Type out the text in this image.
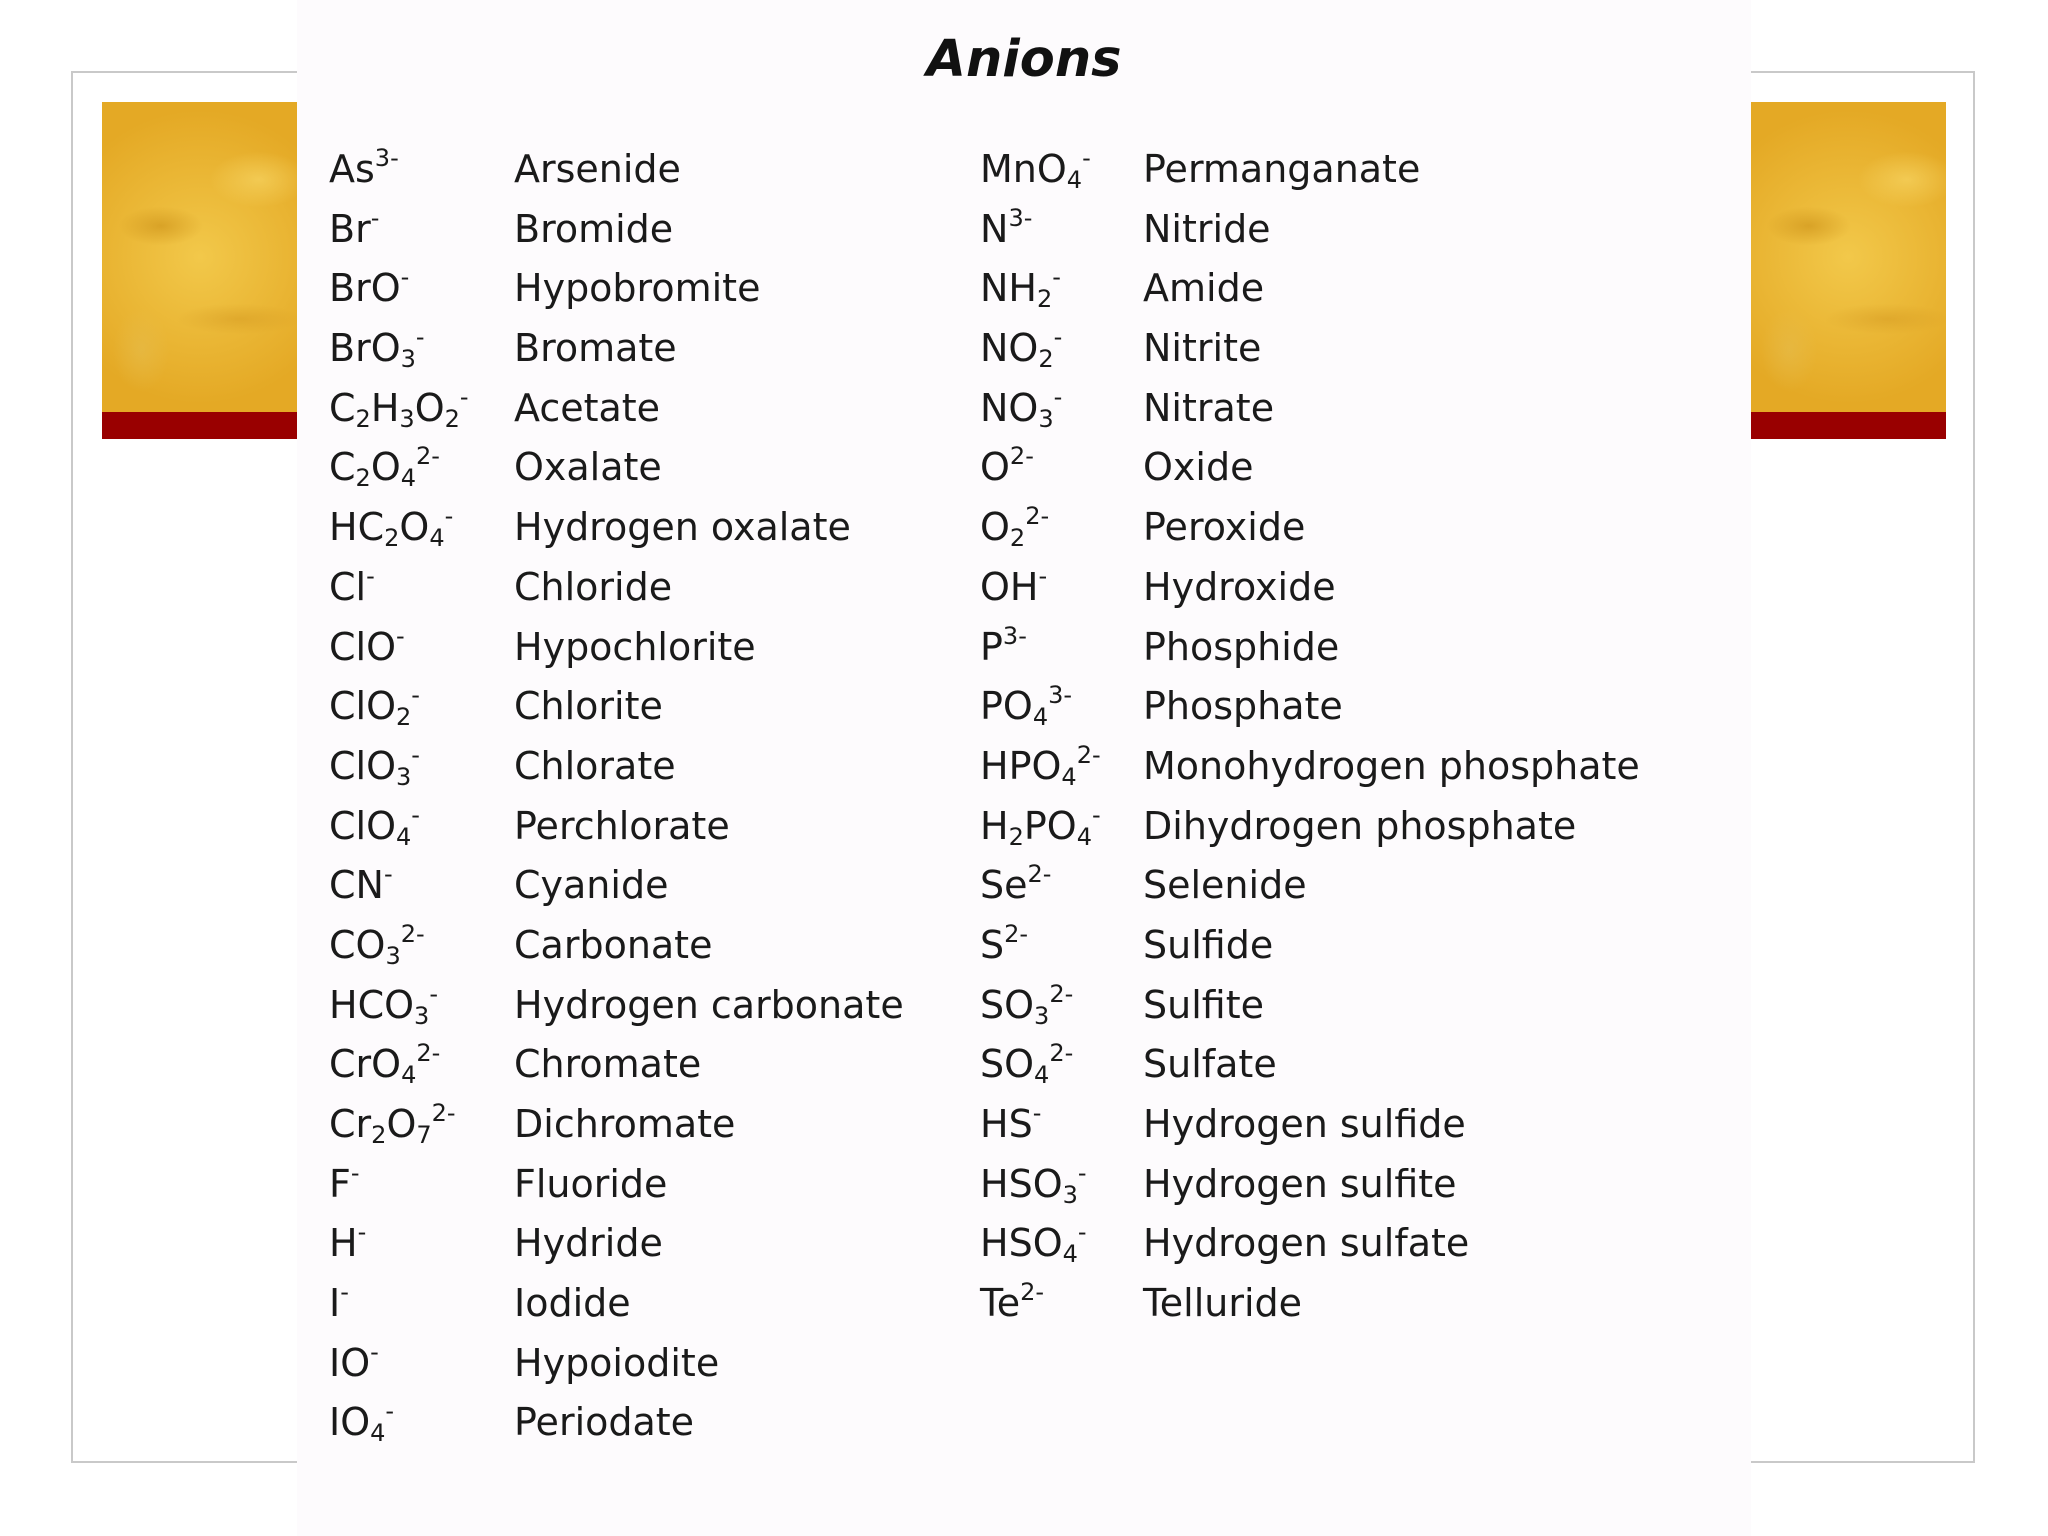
Anions
$As^{3-}$	Arsenide
Br-	Bromide
BrO-	Hypobromite
BrO$_3$- Bromate
$C_2H_3O_2^-$ Acetate
$C_2O_4^{2-}$ Oxalate
$HC_2O_4^-$ Hydrogen oxalate
Cl-	Chloride
ClO-	Hypochlorite
ClO$_2$- Chlorite
ClO$_3$- Chlorate
ClO$_4$- Perchlorate
CN-	Cyanide
$CO_3^{2-}$ Carbonate
$HCO_3^-$ Hydrogen carbonate
CrO$_4^{2-}$ Chromate
$Cr_2O_7^{2-}$ Dichromate
F-	Fluoride
H-	Hydride
I-	Iodide
IO-	Hypoiodite
$IO_4^-$	Periodate
MnO$_4$- Permanganate
$N^{3-}$	Nitride
$NH_2^-$ Amide
$NO_2^-$ Nitrite
$NO_3^-$ Nitrate
$O^{2-}$	Oxide
$O_2^{2-}$ Peroxide
OH-	Hydroxide
$P^{3-}$	Phosphide
$PO_4^{3-}$ Phosphate
$HPO_4^{2-}$ Monohydrogen phosphate
$H_2PO_4^-$ Dihydrogen phosphate
$Se^{2-}$ Selenide
$S^{2-}$	Sulfide
$SO_3^{2-}$ Sulfite
$SO_4^{2-}$ Sulfate
HS-	Hydrogen sulfide
$HSO_3^-$ Hydrogen sulfite
$HSO_4^-$ Hydrogen sulfate
$Te^{2-}$	Telluride
